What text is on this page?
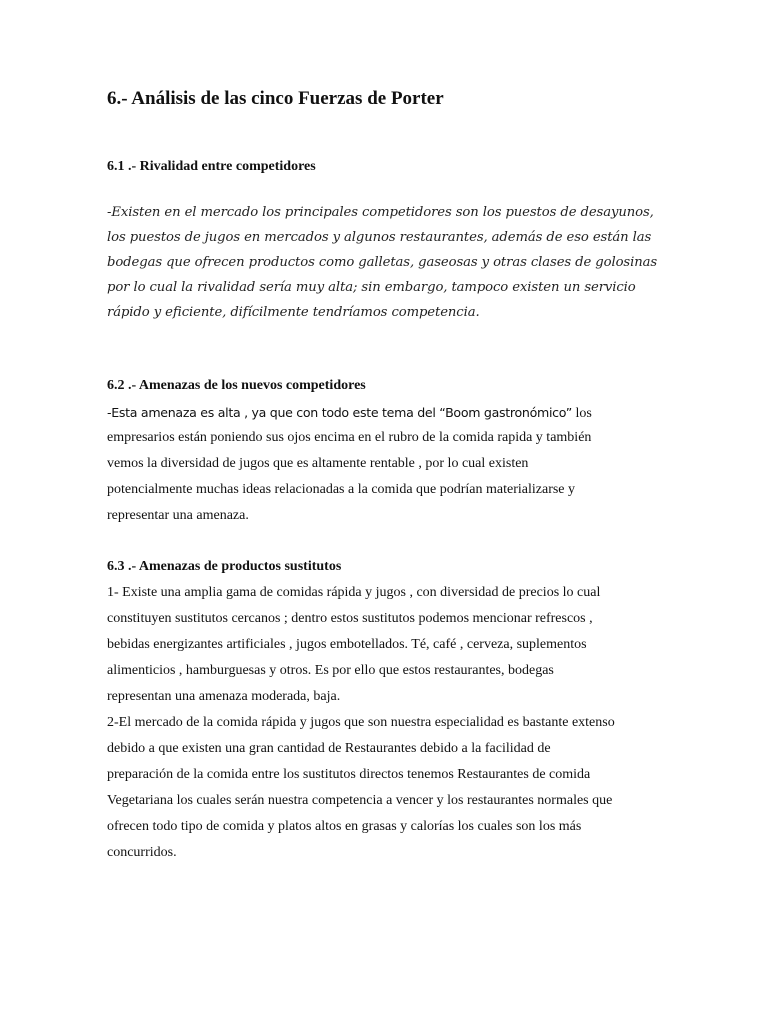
6.- Análisis de las cinco Fuerzas de Porter
6.1 .- Rivalidad entre competidores

-Existen en el mercado los principales competidores son los puestos de desayunos,

los puestos de jugos en mercados y algunos restaurantes, además de eso están las

bodegas que ofrecen productos como galletas, gaseosas y otras clases de golosinas

por lo cual la rivalidad sería muy alta; sin embargo, tampoco existen un servicio

rápido y eficiente, difícilmente tendríamos competencia.

6.2 .- Amenazas de los nuevos competidores

-Esta amenaza es alta , ya que con todo este tema del “Boom gastronómico” los

empresarios están poniendo sus ojos encima en el rubro de la comida rapida y también

vemos la diversidad de jugos que es altamente rentable , por lo cual existen

potencialmente muchas ideas relacionadas a la comida que podrían materializarse y

representar una amenaza.

6.3 .- Amenazas de productos sustitutos

1- Existe una amplia gama de comidas rápida y jugos , con diversidad de precios lo cual

constituyen sustitutos cercanos ; dentro estos sustitutos podemos mencionar refrescos ,

bebidas energizantes artificiales , jugos embotellados. Té, café , cerveza, suplementos

alimenticios , hamburguesas y otros. Es por ello que estos restaurantes, bodegas

representan una amenaza moderada, baja.

2-El mercado de la comida rápida y jugos que son nuestra especialidad es bastante extenso

debido a que existen una gran cantidad de Restaurantes debido a la facilidad de

preparación de la comida entre los sustitutos directos tenemos Restaurantes de comida

Vegetariana los cuales serán nuestra competencia a vencer y los restaurantes normales que

ofrecen todo tipo de comida y platos altos en grasas y calorías los cuales son los más

concurridos.
